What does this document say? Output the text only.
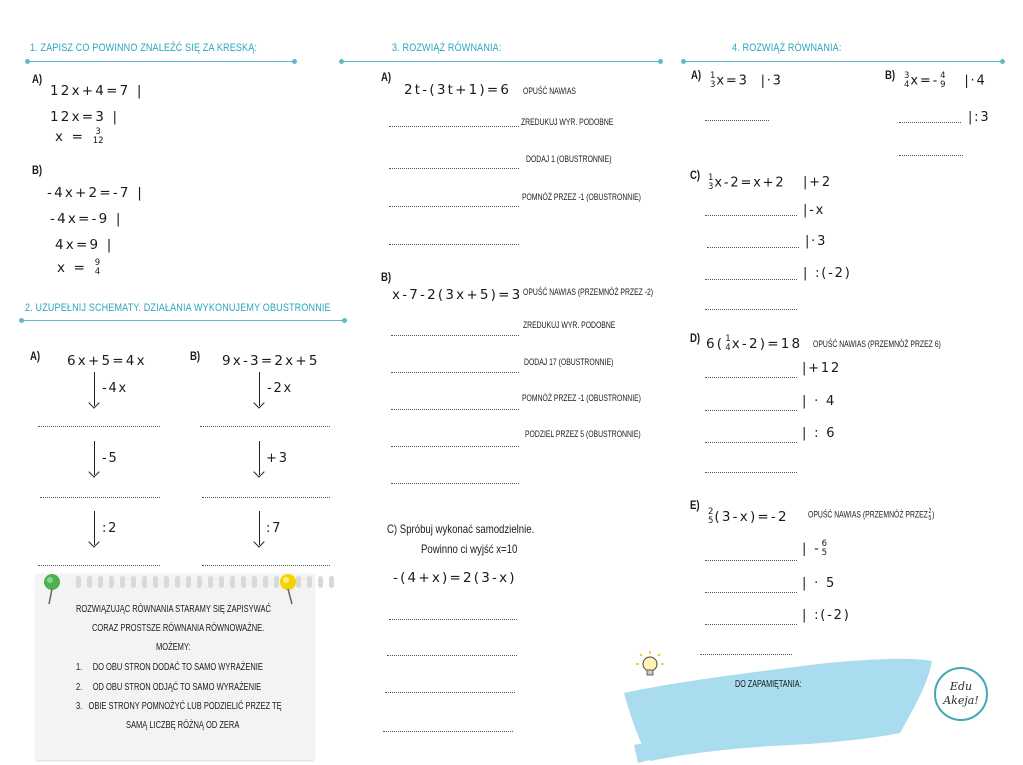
1. ZAPISZ CO POWINNO ZNALEŹĆ SIĘ ZA KRESKĄ:
A)
12x+4=7 |
12x=3 |
x = 3
12
B)
-4x+2=-7 |
-4x=-9 |
4x=9 |
x = 9
4
2. UZUPEŁNIJ SCHEMATY. DZIAŁANIA WYKONUJEMY OBUSTRONNIE
A) 6x+5=4x
-4x
-5
:2
B) 9x-3=2x+5
-2x
+3
:7
ROZWIĄZUJĄC RÓWNANIA STARAMY SIĘ ZAPISYWAĆ
CORAZ PROSTSZE RÓWNANIA RÓWNOWAŻNE.
MOŻEMY:
1. DO OBU STRON DODAĆ TO SAMO WYRAŻENIE
2. OD OBU STRON ODJĄĆ TO SAMO WYRAŻENIE
3. OBIE STRONY POMNOŻYĆ LUB PODZIELIĆ PRZEZ TĘ
SAMĄ LICZBĘ RÓŻNĄ OD ZERA
3. ROZWIĄŻ RÓWNANIA:
A)
2t-(3t+1)=6 OPUŚĆ NAWIAS
ZREDUKUJ WYR. PODOBNE
DODAJ 1 (OBUSTRONNIE)
POMNÓŻ PRZEZ -1 (OBUSTRONNIE)
B)
x-7-2(3x+5)=3 OPUŚĆ NAWIAS (PRZEMNÓŻ PRZEZ -2)
ZREDUKUJ WYR. PODOBNE
DODAJ 17 (OBUSTRONNIE)
POMNÓŻ PRZEZ -1 (OBUSTRONNIE)
PODZIEL PRZEZ 5 (OBUSTRONNIE)
C) Spróbuj wykonać samodzielnie.
Powinno ci wyjść x=10
-(4+x)=2(3-x)
4. ROZWIĄŻ RÓWNANIA:
A) 1
3 x=3 |·3	B) 3
4 x=- 4
9 |·4
|:3
C) 1
3 x-2=x+2 |+2
|-x
|·3
| :(-2)
D) 6( 1
4 x-2)=18 OPUŚĆ NAWIAS (PRZEMNÓŻ PRZEZ 6)
|+12
| · 4
| : 6
E) 2
5 (3-x)=-2 OPUŚĆ NAWIAS (PRZEMNÓŻ PRZEZ 2
5 )
| - 6
5
| · 5
| :(-2)
DO ZAPAMIĘTANIA:	Edu
Akeja!
